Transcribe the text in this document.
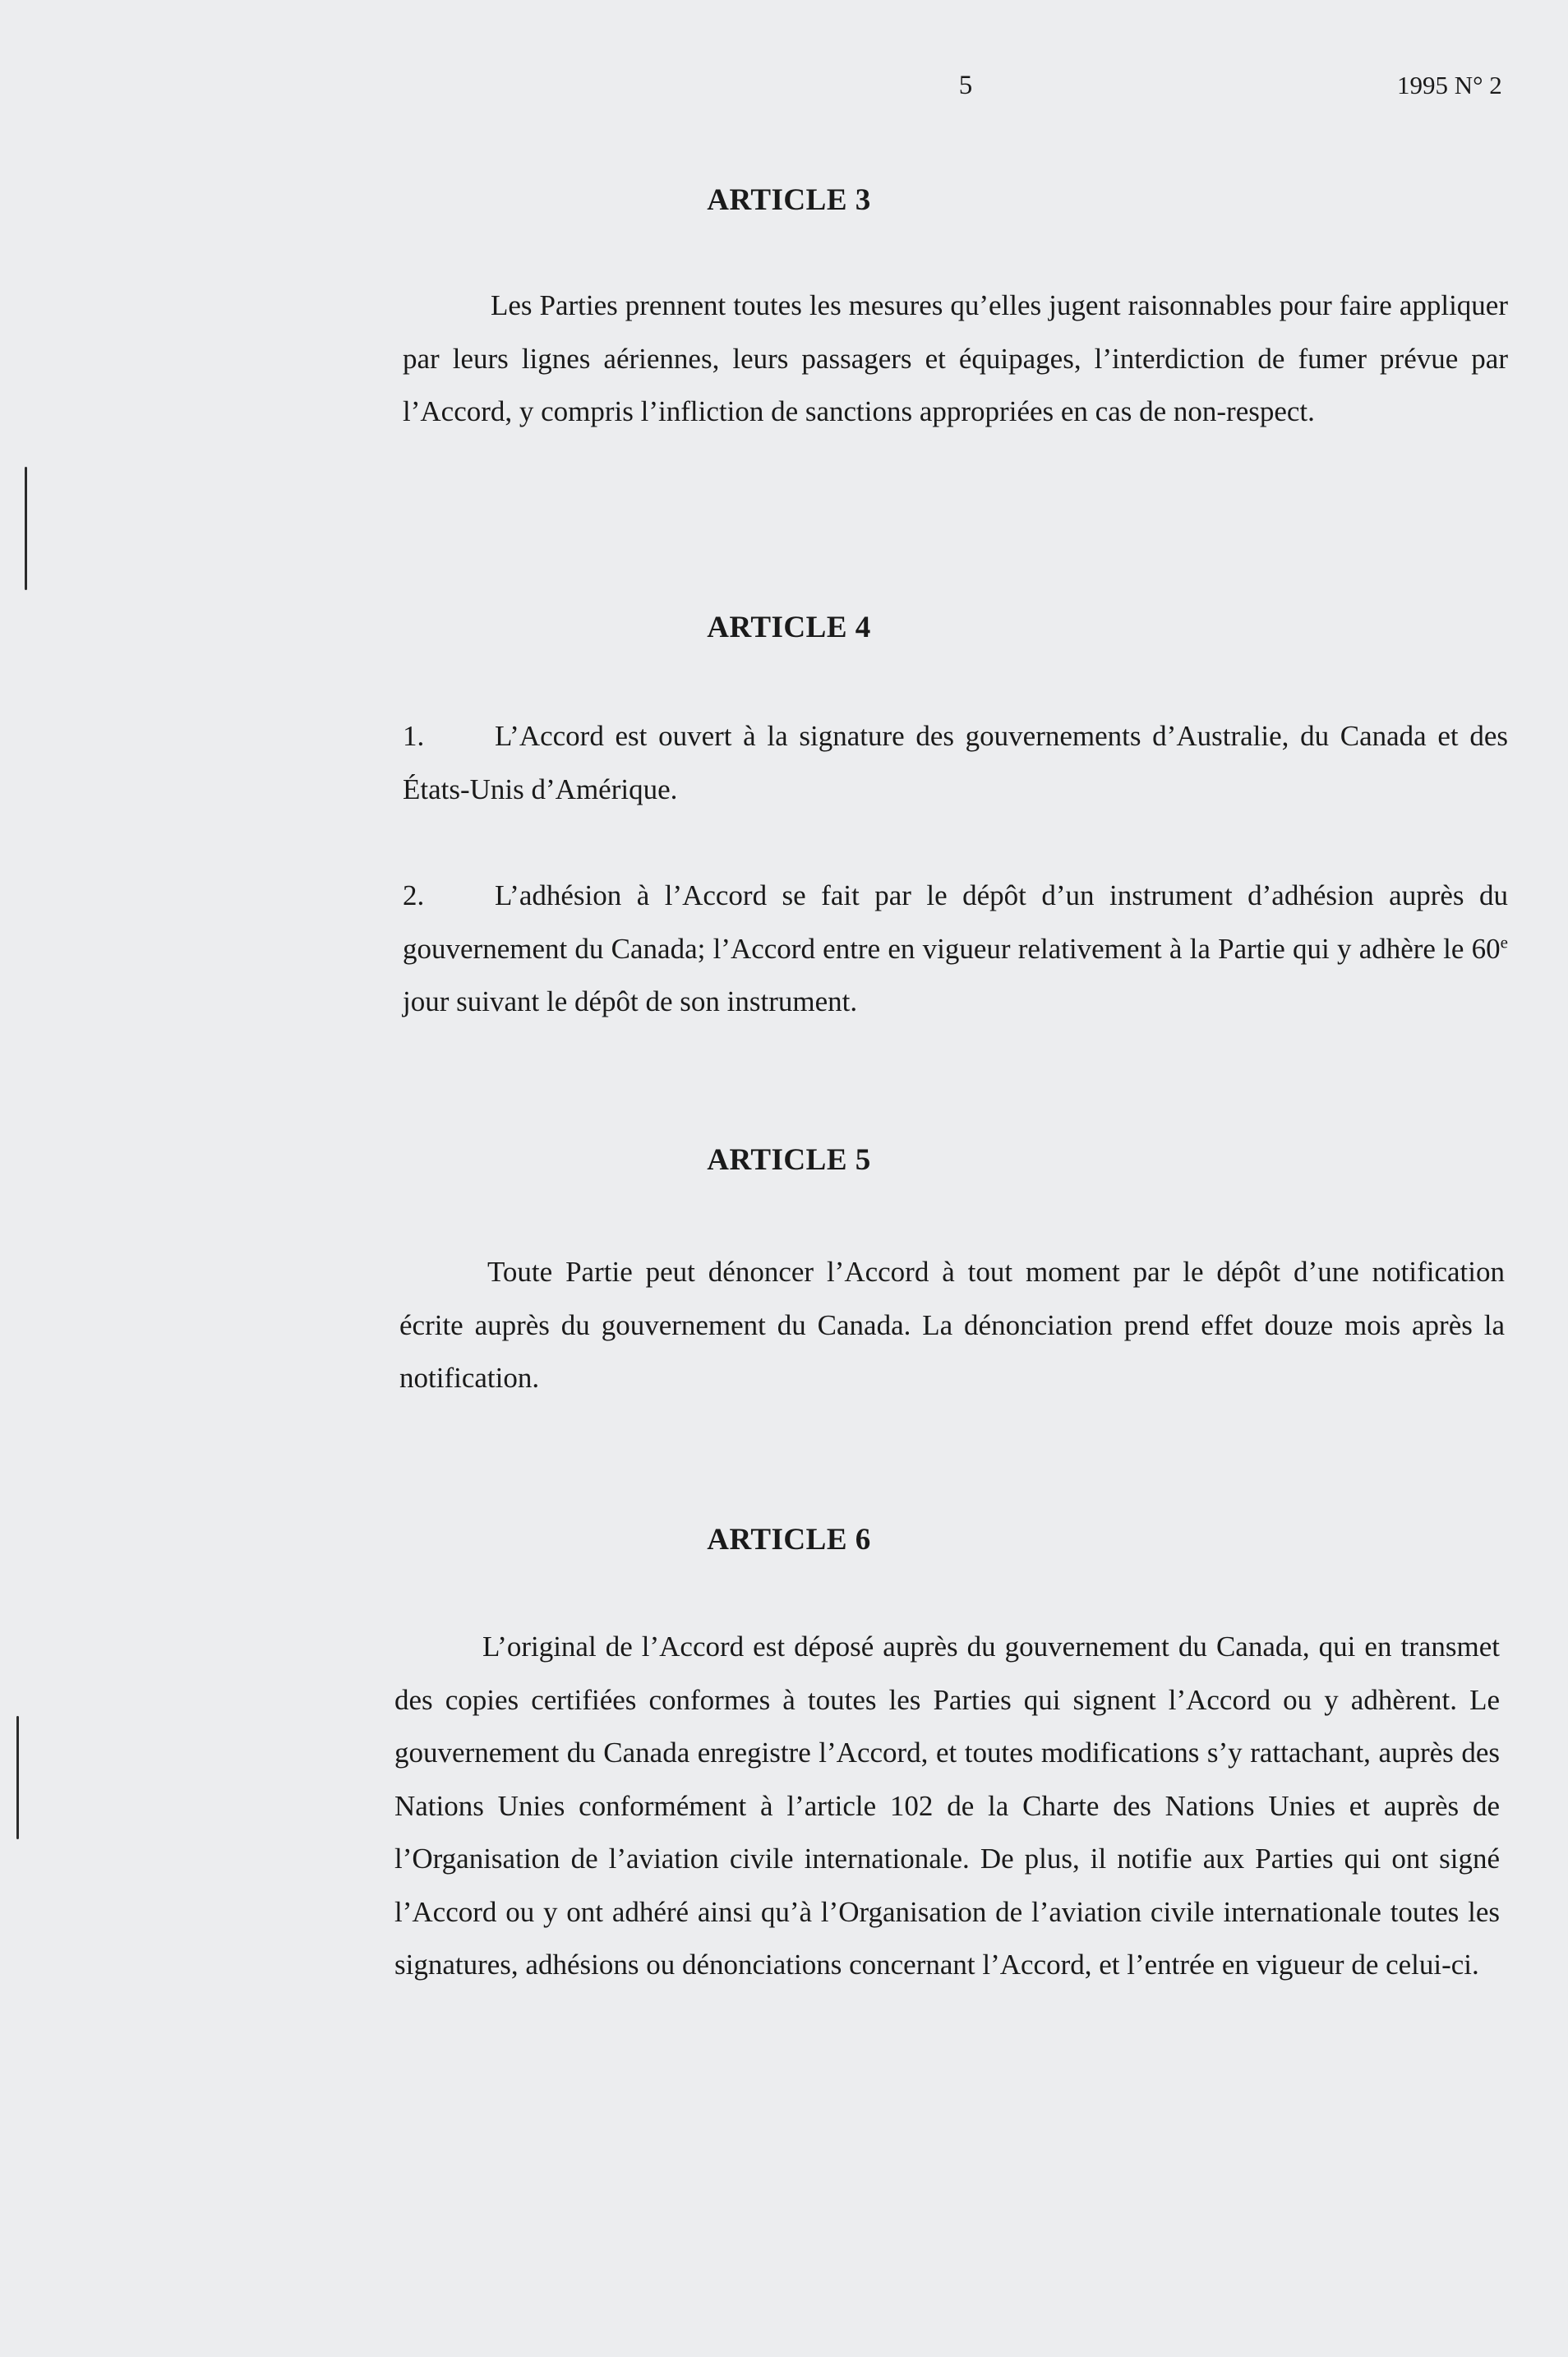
5	1995 N° 2
ARTICLE 3

Les Parties prennent toutes les mesures qu’elles jugent raisonnables pour faire appliquer par leurs lignes aériennes, leurs passagers et équipages, l’interdiction de fumer prévue par l’Accord, y compris l’infliction de sanctions appropriées en cas de non-respect.

ARTICLE 4

1. L’Accord est ouvert à la signature des gouvernements d’Australie, du Canada et des États-Unis d’Amérique.

2. L’adhésion à l’Accord se fait par le dépôt d’un instrument d’adhésion auprès du gouvernement du Canada; l’Accord entre en vigueur relativement à la Partie qui y adhère le 60e jour suivant le dépôt de son instrument.

ARTICLE 5

Toute Partie peut dénoncer l’Accord à tout moment par le dépôt d’une notification écrite auprès du gouvernement du Canada. La dénonciation prend effet douze mois après la notification.

ARTICLE 6

L’original de l’Accord est déposé auprès du gouvernement du Canada, qui en transmet des copies certifiées conformes à toutes les Parties qui signent l’Accord ou y adhèrent. Le gouvernement du Canada enregistre l’Accord, et toutes modifications s’y rattachant, auprès des Nations Unies conformément à l’article 102 de la Charte des Nations Unies et auprès de l’Organisation de l’aviation civile internationale. De plus, il notifie aux Parties qui ont signé l’Accord ou y ont adhéré ainsi qu’à l’Organisation de l’aviation civile internationale toutes les signatures, adhésions ou dénonciations concernant l’Accord, et l’entrée en vigueur de celui-ci.
